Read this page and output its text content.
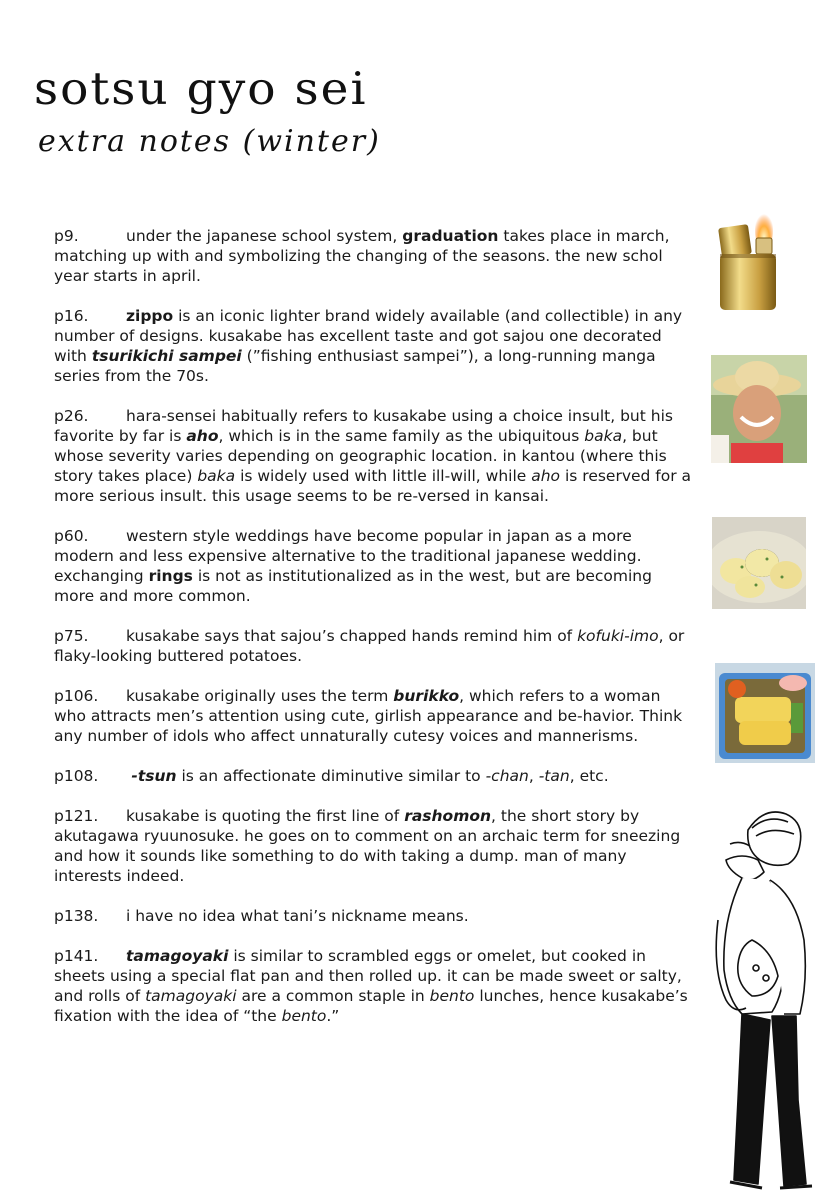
sotsu gyo sei
extra notes (winter)

p9.	under the japanese school system, graduation takes place in march, matching up with and symbolizing the changing of the seasons. the new schol year starts in april.

p16. zippo is an iconic lighter brand widely available (and collectible) in any number of designs. kusakabe has excellent taste and got sajou one decorated with tsurikichi sampei (”fishing enthusiast sampei”), a long-running manga series from the 70s.

p26. hara-sensei habitually refers to kusakabe using a choice insult, but his favorite by far is aho, which is in the same family as the ubiquitous baka, but whose severity varies depending on geographic location. in kantou (where this story takes place) baka is widely used with little ill-will, while aho is reserved for a more serious insult. this usage seems to be re-versed in kansai.

p60. western style weddings have become popular in japan as a more modern and less expensive alternative to the traditional japanese wedding. exchanging rings is not as institutionalized as in the west, but are becoming more and more common.

p75. kusakabe says that sajou’s chapped hands remind him of kofuki-imo, or flaky-looking buttered potatoes.

p106. kusakabe originally uses the term burikko, which refers to a woman who attracts men’s attention using cute, girlish appearance and be-havior. Think any number of idols who affect unnaturally cutesy voices and mannerisms.

p108. -tsun is an affectionate diminutive similar to -chan, -tan, etc.

p121. kusakabe is quoting the first line of rashomon, the short story by akutagawa ryuunosuke. he goes on to comment on an archaic term for sneezing and how it sounds like something to do with taking a dump. man of many interests indeed.

p138. i have no idea what tani’s nickname means.

p141. tamagoyaki is similar to scrambled eggs or omelet, but cooked in sheets using a special flat pan and then rolled up. it can be made sweet or salty, and rolls of tamagoyaki are a common staple in bento lunches, hence kusakabe’s fixation with the idea of “the bento.”
